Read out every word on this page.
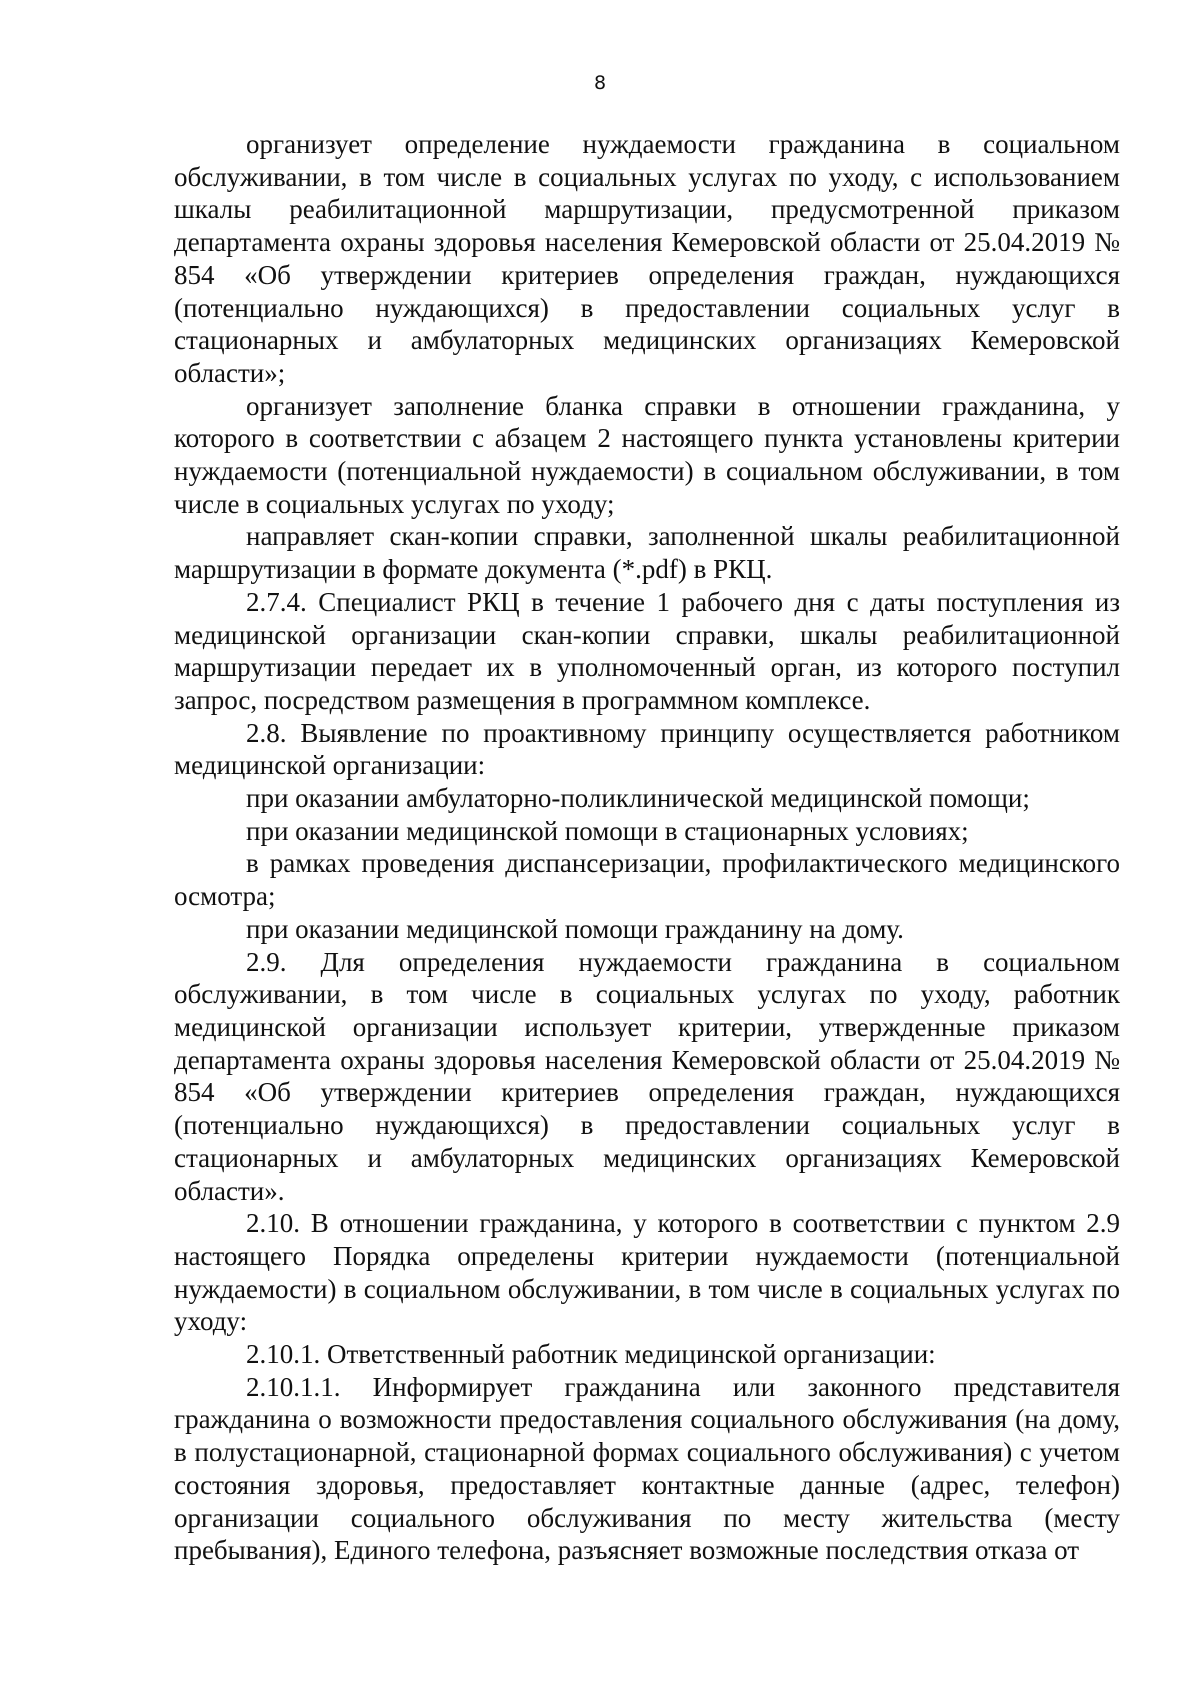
8

организует определение нуждаемости гражданина в социальном обслуживании, в том числе в социальных услугах по уходу, с использованием шкалы реабилитационной маршрутизации, предусмотренной приказом департамента охраны здоровья населения Кемеровской области от 25.04.2019 № 854 «Об утверждении критериев определения граждан, нуждающихся (потенциально нуждающихся) в предоставлении социальных услуг в стационарных и амбулаторных медицинских организациях Кемеровской области»;

организует заполнение бланка справки в отношении гражданина, у которого в соответствии с абзацем 2 настоящего пункта установлены критерии нуждаемости (потенциальной нуждаемости) в социальном обслуживании, в том числе в социальных услугах по уходу;

направляет скан-копии справки, заполненной шкалы реабилитационной маршрутизации в формате документа (*.pdf) в РКЦ.

2.7.4. Специалист РКЦ в течение 1 рабочего дня с даты поступления из медицинской организации скан-копии справки, шкалы реабилитационной маршрутизации передает их в уполномоченный орган, из которого поступил запрос, посредством размещения в программном комплексе.

2.8. Выявление по проактивному принципу осуществляется работником медицинской организации:

при оказании амбулаторно-поликлинической медицинской помощи;

при оказании медицинской помощи в стационарных условиях;

в рамках проведения диспансеризации, профилактического медицинского осмотра;

при оказании медицинской помощи гражданину на дому.

2.9. Для определения нуждаемости гражданина в социальном обслуживании, в том числе в социальных услугах по уходу, работник медицинской организации использует критерии, утвержденные приказом департамента охраны здоровья населения Кемеровской области от 25.04.2019 № 854 «Об утверждении критериев определения граждан, нуждающихся (потенциально нуждающихся) в предоставлении социальных услуг в стационарных и амбулаторных медицинских организациях Кемеровской области».

2.10. В отношении гражданина, у которого в соответствии с пунктом 2.9 настоящего Порядка определены критерии нуждаемости (потенциальной нуждаемости) в социальном обслуживании, в том числе в социальных услугах по уходу:

2.10.1. Ответственный работник медицинской организации:

2.10.1.1. Информирует гражданина или законного представителя гражданина о возможности предоставления социального обслуживания (на дому, в полустационарной, стационарной формах социального обслуживания) с учетом состояния здоровья, предоставляет контактные данные (адрес, телефон) организации социального обслуживания по месту жительства (месту пребывания), Единого телефона, разъясняет возможные последствия отказа от
